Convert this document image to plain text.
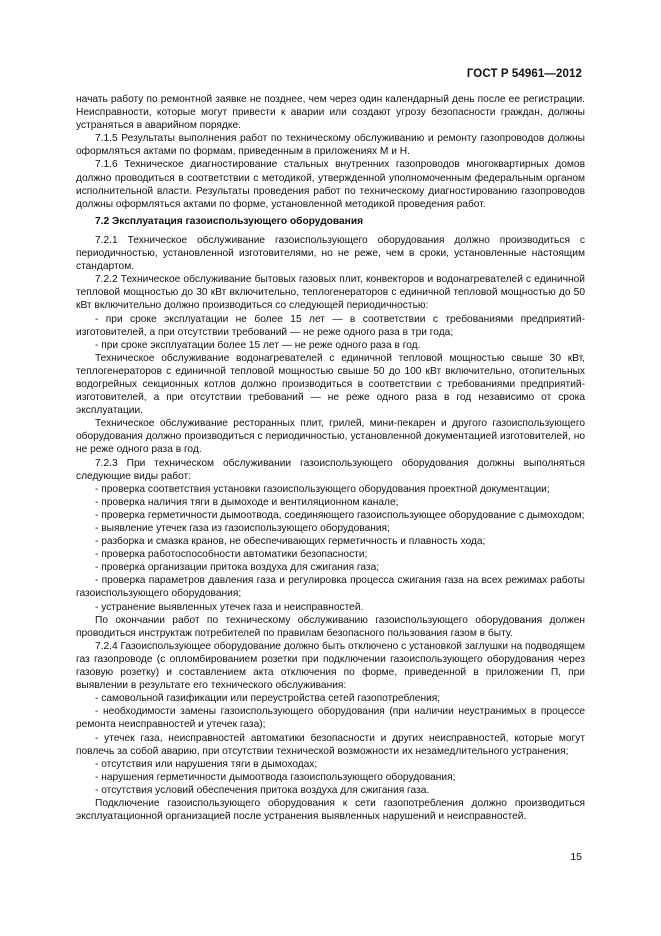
ГОСТ Р 54961—2012

начать работу по ремонтной заявке не позднее, чем через один календарный день после ее регистрации. Неисправности, которые могут привести к аварии или создают угрозу безопасности граждан, должны устраняться в аварийном порядке.

7.1.5 Результаты выполнения работ по техническому обслуживанию и ремонту газопроводов должны оформляться актами по формам, приведенным в приложениях М и Н.

7.1.6 Техническое диагностирование стальных внутренних газопроводов многоквартирных домов должно проводиться в соответствии с методикой, утвержденной уполномоченным федеральным органом исполнительной власти. Результаты проведения работ по техническому диагностированию газопроводов должны оформляться актами по форме, установленной методикой проведения работ.

7.2 Эксплуатация газоиспользующего оборудования

7.2.1 Техническое обслуживание газоиспользующего оборудования должно производиться с периодичностью, установленной изготовителями, но не реже, чем в сроки, установленные настоящим стандартом.

7.2.2 Техническое обслуживание бытовых газовых плит, конвекторов и водонагревателей с единичной тепловой мощностью до 30 кВт включительно, теплогенераторов с единичной тепловой мощностью до 50 кВт включительно должно производиться со следующей периодичностью:

- при сроке эксплуатации не более 15 лет — в соответствии с требованиями предприятий-изготовителей, а при отсутствии требований — не реже одного раза в три года;

- при сроке эксплуатации более 15 лет — не реже одного раза в год.

Техническое обслуживание водонагревателей с единичной тепловой мощностью свыше 30 кВт, теплогенераторов с единичной тепловой мощностью свыше 50 до 100 кВт включительно, отопительных водогрейных секционных котлов должно производиться в соответствии с требованиями предприятий-изготовителей, а при отсутствии требований — не реже одного раза в год независимо от срока эксплуатации.

Техническое обслуживание ресторанных плит, грилей, мини-пекарен и другого газоиспользующего оборудования должно производиться с периодичностью, установленной документацией изготовителей, но не реже одного раза в год.

7.2.3 При техническом обслуживании газоиспользующего оборудования должны выполняться следующие виды работ:

- проверка соответствия установки газоиспользующего оборудования проектной документации;

- проверка наличия тяги в дымоходе и вентиляционном канале;

- проверка герметичности дымоотвода, соединяющего газоиспользующее оборудование с дымоходом;

- выявление утечек газа из газоиспользующего оборудования;

- разборка и смазка кранов, не обеспечивающих герметичность и плавность хода;

- проверка работоспособности автоматики безопасности;

- проверка организации притока воздуха для сжигания газа;

- проверка параметров давления газа и регулировка процесса сжигания газа на всех режимах работы газоиспользующего оборудования;

- устранение выявленных утечек газа и неисправностей.

По окончании работ по техническому обслуживанию газоиспользующего оборудования должен проводиться инструктаж потребителей по правилам безопасного пользования газом в быту.

7.2.4 Газоиспользующее оборудование должно быть отключено с установкой заглушки на подводящем газ газопроводе (с опломбированием розетки при подключении газоиспользующего оборудования через газовую розетку) и составлением акта отключения по форме, приведенной в приложении П, при выявлении в результате его технического обслуживания:

- самовольной газификации или переустройства сетей газопотребления;

- необходимости замены газоиспользующего оборудования (при наличии неустранимых в процессе ремонта неисправностей и утечек газа);

- утечек газа, неисправностей автоматики безопасности и других неисправностей, которые могут повлечь за собой аварию, при отсутствии технической возможности их незамедлительного устранения;

- отсутствия или нарушения тяги в дымоходах;

- нарушения герметичности дымоотвода газоиспользующего оборудования;

- отсутствия условий обеспечения притока воздуха для сжигания газа.

Подключение газоиспользующего оборудования к сети газопотребления должно производиться эксплуатационной организацией после устранения выявленных нарушений и неисправностей.

15
